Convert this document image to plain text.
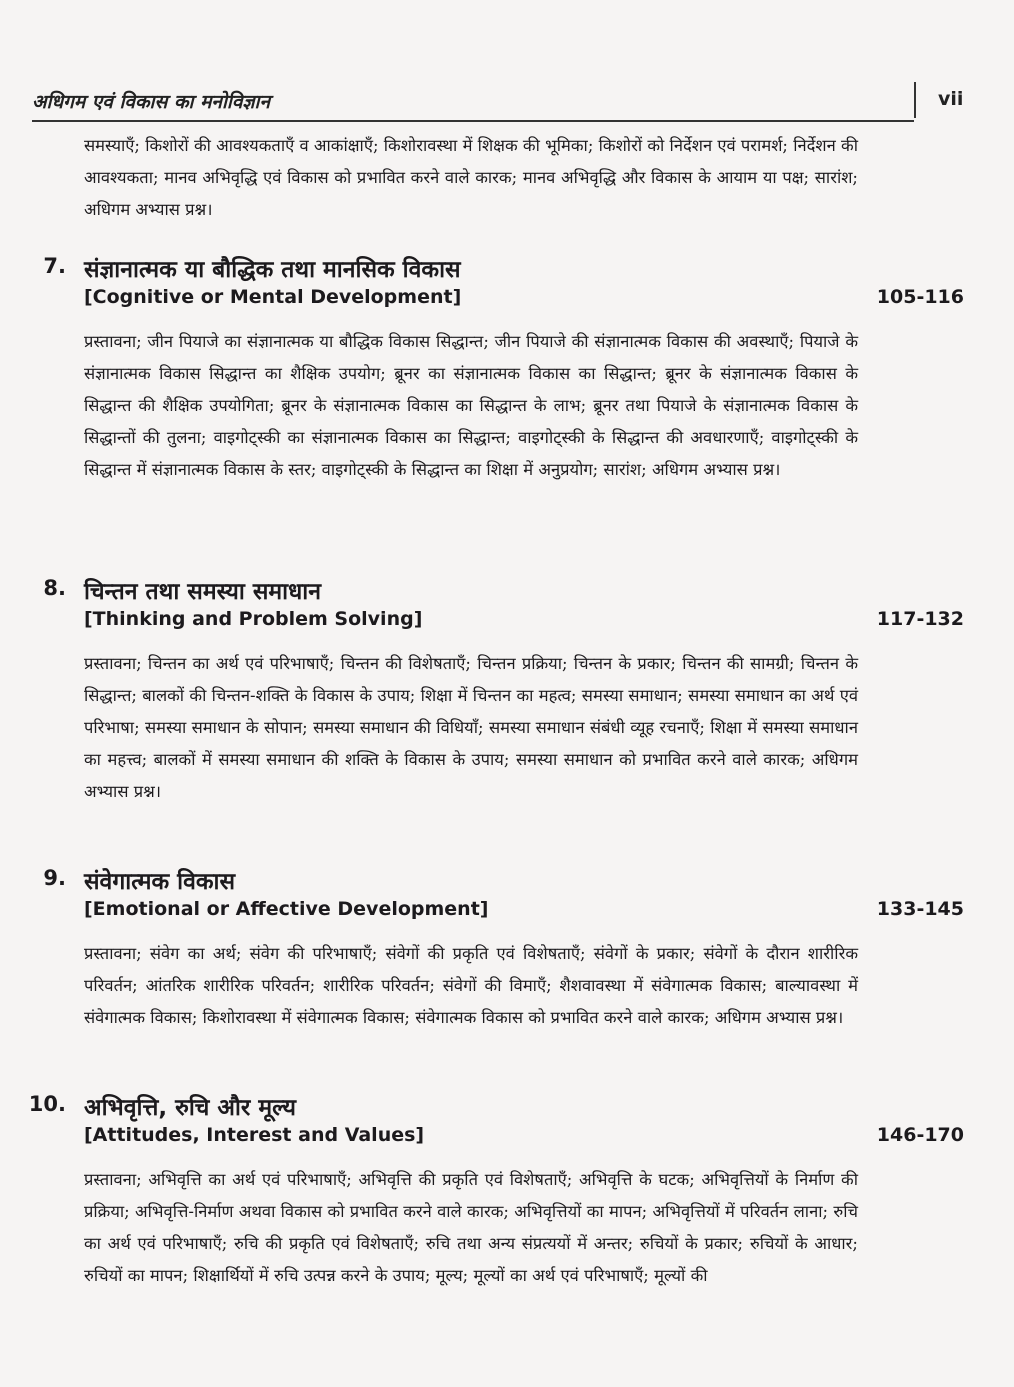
अधिगम एवं विकास का मनोविज्ञान	vii

समस्याएँ; किशोरों की आवश्यकताएँ व आकांक्षाएँ; किशोरावस्था में शिक्षक की भूमिका; किशोरों को निर्देशन एवं परामर्श; निर्देशन की आवश्यकता; मानव अभिवृद्धि एवं विकास को प्रभावित करने वाले कारक; मानव अभिवृद्धि और विकास के आयाम या पक्ष; सारांश; अधिगम अभ्यास प्रश्न।

7. संज्ञानात्मक या बौद्धिक तथा मानसिक विकास
[Cognitive or Mental Development]	105-116

प्रस्तावना; जीन पियाजे का संज्ञानात्मक या बौद्धिक विकास सिद्धान्त; जीन पियाजे की संज्ञानात्मक विकास की अवस्थाएँ; पियाजे के संज्ञानात्मक विकास सिद्धान्त का शैक्षिक उपयोग; ब्रूनर का संज्ञानात्मक विकास का सिद्धान्त; ब्रूनर के संज्ञानात्मक विकास के सिद्धान्त की शैक्षिक उपयोगिता; ब्रूनर के संज्ञानात्मक विकास का सिद्धान्त के लाभ; ब्रूनर तथा पियाजे के संज्ञानात्मक विकास के सिद्धान्तों की तुलना; वाइगोट्स्की का संज्ञानात्मक विकास का सिद्धान्त; वाइगोट्स्की के सिद्धान्त की अवधारणाएँ; वाइगोट्स्की के सिद्धान्त में संज्ञानात्मक विकास के स्तर; वाइगोट्स्की के सिद्धान्त का शिक्षा में अनुप्रयोग; सारांश; अधिगम अभ्यास प्रश्न।

8. चिन्तन तथा समस्या समाधान
[Thinking and Problem Solving]	117-132

प्रस्तावना; चिन्तन का अर्थ एवं परिभाषाएँ; चिन्तन की विशेषताएँ; चिन्तन प्रक्रिया; चिन्तन के प्रकार; चिन्तन की सामग्री; चिन्तन के सिद्धान्त; बालकों की चिन्तन-शक्ति के विकास के उपाय; शिक्षा में चिन्तन का महत्व; समस्या समाधान; समस्या समाधान का अर्थ एवं परिभाषा; समस्या समाधान के सोपान; समस्या समाधान की विधियाँ; समस्या समाधान संबंधी व्यूह रचनाएँ; शिक्षा में समस्या समाधान का महत्त्व; बालकों में समस्या समाधान की शक्ति के विकास के उपाय; समस्या समाधान को प्रभावित करने वाले कारक; अधिगम अभ्यास प्रश्न।

9. संवेगात्मक विकास
[Emotional or Affective Development]	133-145

प्रस्तावना; संवेग का अर्थ; संवेग की परिभाषाएँ; संवेगों की प्रकृति एवं विशेषताएँ; संवेगों के प्रकार; संवेगों के दौरान शारीरिक परिवर्तन; आंतरिक शारीरिक परिवर्तन; शारीरिक परिवर्तन; संवेगों की विमाएँ; शैशवावस्था में संवेगात्मक विकास; बाल्यावस्था में संवेगात्मक विकास; किशोरावस्था में संवेगात्मक विकास; संवेगात्मक विकास को प्रभावित करने वाले कारक; अधिगम अभ्यास प्रश्न।

10. अभिवृत्ति, रुचि और मूल्य
[Attitudes, Interest and Values]	146-170

प्रस्तावना; अभिवृत्ति का अर्थ एवं परिभाषाएँ; अभिवृत्ति की प्रकृति एवं विशेषताएँ; अभिवृत्ति के घटक; अभिवृत्तियों के निर्माण की प्रक्रिया; अभिवृत्ति-निर्माण अथवा विकास को प्रभावित करने वाले कारक; अभिवृत्तियों का मापन; अभिवृत्तियों में परिवर्तन लाना; रुचि का अर्थ एवं परिभाषाएँ; रुचि की प्रकृति एवं विशेषताएँ; रुचि तथा अन्य संप्रत्ययों में अन्तर; रुचियों के प्रकार; रुचियों के आधार; रुचियों का मापन; शिक्षार्थियों में रुचि उत्पन्न करने के उपाय; मूल्य; मूल्यों का अर्थ एवं परिभाषाएँ; मूल्यों की
